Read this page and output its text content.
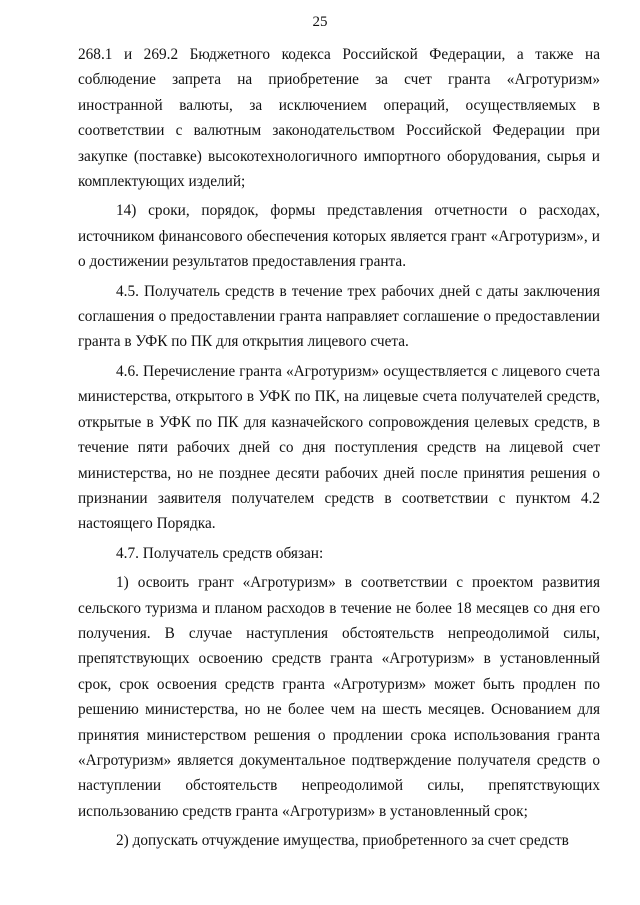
25

268.1 и 269.2 Бюджетного кодекса Российской Федерации, а также на соблюдение запрета на приобретение за счет гранта «Агротуризм» иностранной валюты, за исключением операций, осуществляемых в соответствии с валютным законодательством Российской Федерации при закупке (поставке) высокотехнологичного импортного оборудования, сырья и комплектующих изделий;

14) сроки, порядок, формы представления отчетности о расходах, источником финансового обеспечения которых является грант «Агротуризм», и о достижении результатов предоставления гранта.

4.5. Получатель средств в течение трех рабочих дней с даты заключения соглашения о предоставлении гранта направляет соглашение о предоставлении гранта в УФК по ПК для открытия лицевого счета.

4.6. Перечисление гранта «Агротуризм» осуществляется с лицевого счета министерства, открытого в УФК по ПК, на лицевые счета получателей средств, открытые в УФК по ПК для казначейского сопровождения целевых средств, в течение пяти рабочих дней со дня поступления средств на лицевой счет министерства, но не позднее десяти рабочих дней после принятия решения о признании заявителя получателем средств в соответствии с пунктом 4.2 настоящего Порядка.

4.7. Получатель средств обязан:

1) освоить грант «Агротуризм» в соответствии с проектом развития сельского туризма и планом расходов в течение не более 18 месяцев со дня его получения. В случае наступления обстоятельств непреодолимой силы, препятствующих освоению средств гранта «Агротуризм» в установленный срок, срок освоения средств гранта «Агротуризм» может быть продлен по решению министерства, но не более чем на шесть месяцев. Основанием для принятия министерством решения о продлении срока использования гранта «Агротуризм» является документальное подтверждение получателя средств о наступлении обстоятельств непреодолимой силы, препятствующих использованию средств гранта «Агротуризм» в установленный срок;

2) допускать отчуждение имущества, приобретенного за счет средств
